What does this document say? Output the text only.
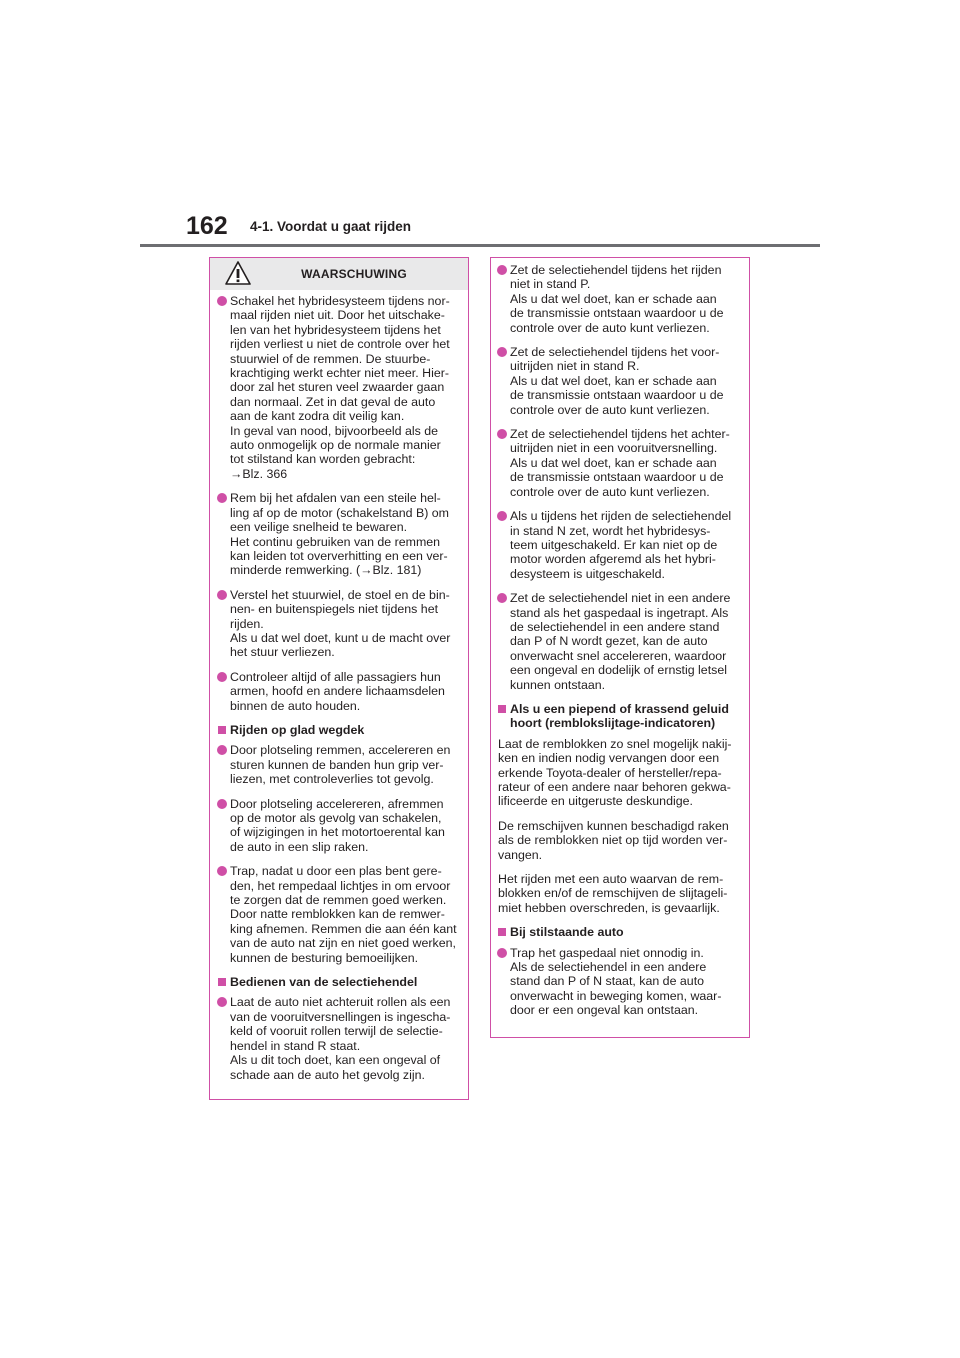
162 4-1. Voordat u gaat rijden
WAARSCHUWING
Schakel het hybridesysteem tijdens nor-
maal rijden niet uit. Door het uitschake-
len van het hybridesysteem tijdens het
rijden verliest u niet de controle over het
stuurwiel of de remmen. De stuurbe-
krachtiging werkt echter niet meer. Hier-
door zal het sturen veel zwaarder gaan
dan normaal. Zet in dat geval de auto
aan de kant zodra dit veilig kan.
In geval van nood, bijvoorbeeld als de
auto onmogelijk op de normale manier
tot stilstand kan worden gebracht:
→Blz. 366
Rem bij het afdalen van een steile hel-
ling af op de motor (schakelstand B) om
een veilige snelheid te bewaren.
Het continu gebruiken van de remmen
kan leiden tot oververhitting en een ver-
minderde remwerking. (→Blz. 181)
Verstel het stuurwiel, de stoel en de bin-
nen- en buitenspiegels niet tijdens het
rijden.
Als u dat wel doet, kunt u de macht over
het stuur verliezen.
Controleer altijd of alle passagiers hun
armen, hoofd en andere lichaamsdelen
binnen de auto houden.
Rijden op glad wegdek
Door plotseling remmen, accelereren en
sturen kunnen de banden hun grip ver-
liezen, met controleverlies tot gevolg.
Door plotseling accelereren, afremmen
op de motor als gevolg van schakelen,
of wijzigingen in het motortoerental kan
de auto in een slip raken.
Trap, nadat u door een plas bent gere-
den, het rempedaal lichtjes in om ervoor
te zorgen dat de remmen goed werken.
Door natte remblokken kan de remwer-
king afnemen. Remmen die aan één kant
van de auto nat zijn en niet goed werken,
kunnen de besturing bemoeilijken.
Bedienen van de selectiehendel
Laat de auto niet achteruit rollen als een
van de vooruitversnellingen is ingescha-
keld of vooruit rollen terwijl de selectie-
hendel in stand R staat.
Als u dit toch doet, kan een ongeval of
schade aan de auto het gevolg zijn.
Zet de selectiehendel tijdens het rijden
niet in stand P.
Als u dat wel doet, kan er schade aan
de transmissie ontstaan waardoor u de
controle over de auto kunt verliezen.
Zet de selectiehendel tijdens het voor-
uitrijden niet in stand R.
Als u dat wel doet, kan er schade aan
de transmissie ontstaan waardoor u de
controle over de auto kunt verliezen.
Zet de selectiehendel tijdens het achter-
uitrijden niet in een vooruitversnelling.
Als u dat wel doet, kan er schade aan
de transmissie ontstaan waardoor u de
controle over de auto kunt verliezen.
Als u tijdens het rijden de selectiehendel
in stand N zet, wordt het hybridesys-
teem uitgeschakeld. Er kan niet op de
motor worden afgeremd als het hybri-
desysteem is uitgeschakeld.
Zet de selectiehendel niet in een andere
stand als het gaspedaal is ingetrapt. Als
de selectiehendel in een andere stand
dan P of N wordt gezet, kan de auto
onverwacht snel accelereren, waardoor
een ongeval en dodelijk of ernstig letsel
kunnen ontstaan.
Als u een piepend of krassend geluid
hoort (remblokslijtage-indicatoren)
Laat de remblokken zo snel mogelijk nakij-
ken en indien nodig vervangen door een
erkende Toyota-dealer of hersteller/repa-
rateur of een andere naar behoren gekwa-
lificeerde en uitgeruste deskundige.
De remschijven kunnen beschadigd raken
als de remblokken niet op tijd worden ver-
vangen.
Het rijden met een auto waarvan de rem-
blokken en/of de remschijven de slijtageli-
miet hebben overschreden, is gevaarlijk.
Bij stilstaande auto
Trap het gaspedaal niet onnodig in.
Als de selectiehendel in een andere
stand dan P of N staat, kan de auto
onverwacht in beweging komen, waar-
door er een ongeval kan ontstaan.
